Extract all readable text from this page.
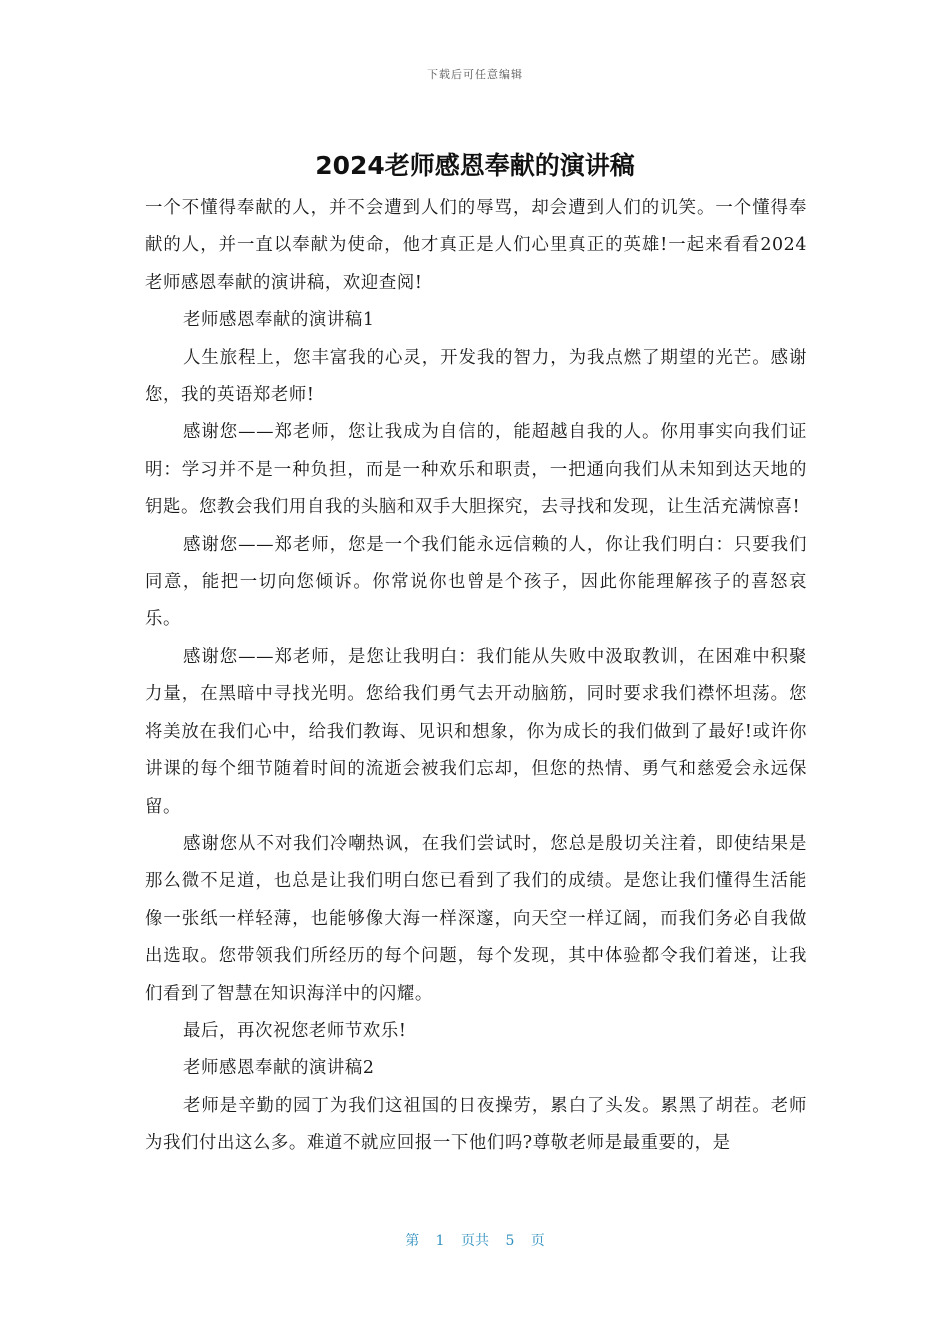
下载后可任意编辑
2024老师感恩奉献的演讲稿

一个不懂得奉献的人，并不会遭到人们的辱骂，却会遭到人们的讥笑。一个懂得奉献的人，并一直以奉献为使命，他才真正是人们心里真正的英雄!一起来看看2024老师感恩奉献的演讲稿，欢迎查阅!

老师感恩奉献的演讲稿1

人生旅程上，您丰富我的心灵，开发我的智力，为我点燃了期望的光芒。感谢您，我的英语郑老师!

感谢您——郑老师，您让我成为自信的，能超越自我的人。你用事实向我们证明：学习并不是一种负担，而是一种欢乐和职责，一把通向我们从未知到达天地的钥匙。您教会我们用自我的头脑和双手大胆探究，去寻找和发现，让生活充满惊喜!

感谢您——郑老师，您是一个我们能永远信赖的人，你让我们明白：只要我们同意，能把一切向您倾诉。你常说你也曾是个孩子，因此你能理解孩子的喜怒哀乐。

感谢您——郑老师，是您让我明白：我们能从失败中汲取教训，在困难中积聚力量，在黑暗中寻找光明。您给我们勇气去开动脑筋，同时要求我们襟怀坦荡。您将美放在我们心中，给我们教诲、见识和想象，你为成长的我们做到了最好!或许你讲课的每个细节随着时间的流逝会被我们忘却，但您的热情、勇气和慈爱会永远保留。

感谢您从不对我们冷嘲热讽，在我们尝试时，您总是殷切关注着，即使结果是那么微不足道，也总是让我们明白您已看到了我们的成绩。是您让我们懂得生活能像一张纸一样轻薄，也能够像大海一样深邃，向天空一样辽阔，而我们务必自我做出选取。您带领我们所经历的每个问题，每个发现，其中体验都令我们着迷，让我们看到了智慧在知识海洋中的闪耀。

最后，再次祝您老师节欢乐!

老师感恩奉献的演讲稿2

老师是辛勤的园丁为我们这祖国的日夜操劳，累白了头发。累黑了胡茬。老师为我们付出这么多。难道不就应回报一下他们吗?尊敬老师是最重要的，是

第 1 页共 5 页
